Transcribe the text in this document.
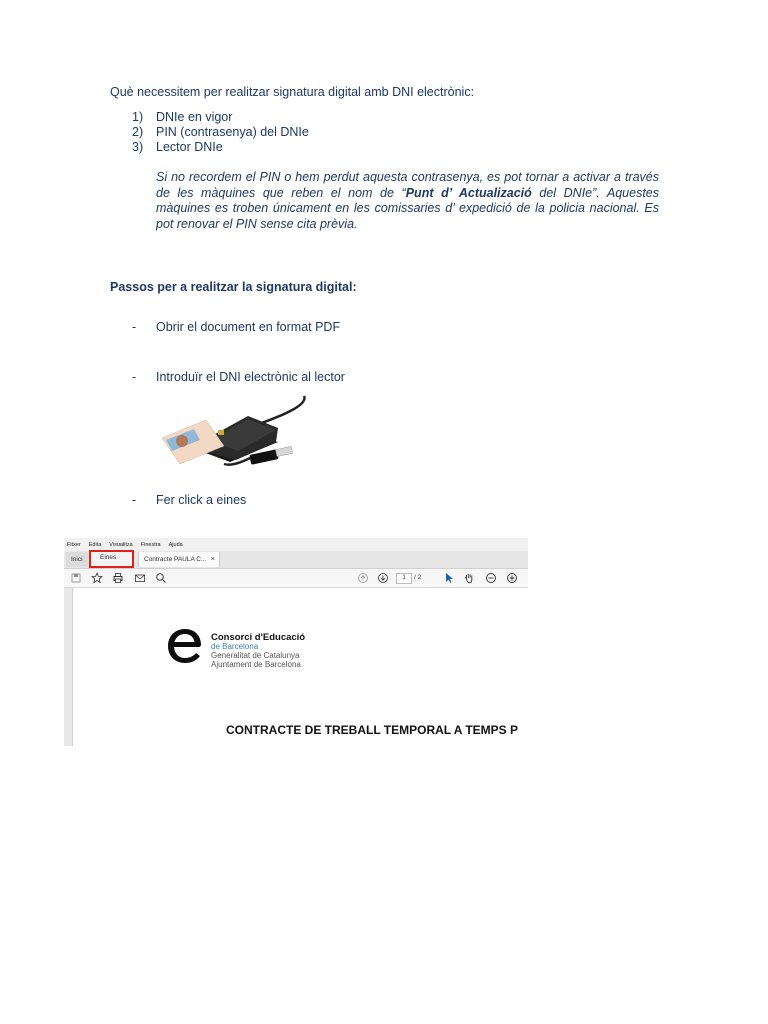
Què necessitem per realitzar signatura digital amb DNI electrònic:
1)	DNIe en vigor
2)	PIN (contrasenya) del DNIe
3)	Lector DNIe
Si no recordem el PIN o hem perdut aquesta contrasenya, es pot tornar a activar a través de les màquines que reben el nom de “Punt d’ Actualizació del DNIe”. Aquestes màquines es troben únicament en les comissaries d’ expedició de la policia nacional. Es pot renovar el PIN sense cita prèvia.
Passos per a realitzar la signatura digital:
-	Obrir el document en format PDF
-	Introduïr el DNI electrònic al lector
-	Fer click a eines
Fitxer Edita Visualitza Finestra Ajuda
Inici	Contracte PAULA C... ×
Eines
1	/ 2
Consorci d'Educació
de Barcelona
Generalitat de Catalunya
Ajuntament de Barcelona
CONTRACTE DE TREBALL TEMPORAL A TEMPS P
